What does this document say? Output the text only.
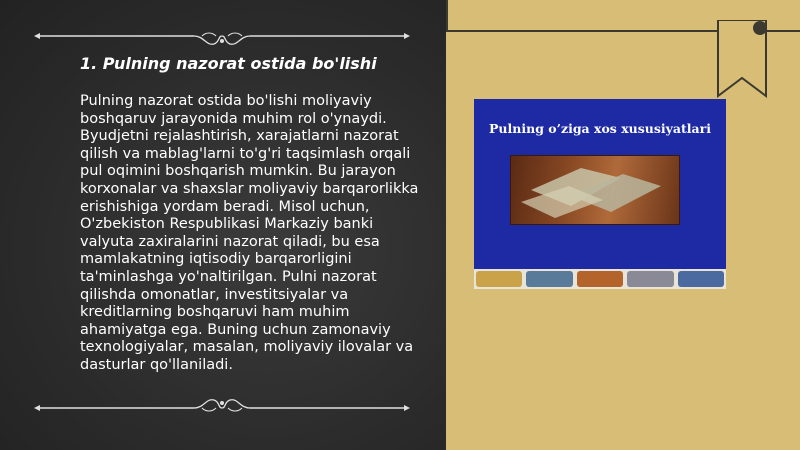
1. Pulning nazorat ostida bo'lishi

Pulning nazorat ostida bo'lishi moliyaviy boshqaruv jarayonida muhim rol o'ynaydi. Byudjetni rejalashtirish, xarajatlarni nazorat qilish va mablag'larni to'g'ri taqsimlash orqali pul oqimini boshqarish mumkin. Bu jarayon korxonalar va shaxslar moliyaviy barqarorlikka erishishiga yordam beradi. Misol uchun, O'zbekiston Respublikasi Markaziy banki valyuta zaxiralarini nazorat qiladi, bu esa mamlakatning iqtisodiy barqarorligini ta'minlashga yo'naltirilgan. Pulni nazorat qilishda omonatlar, investitsiyalar va kreditlarning boshqaruvi ham muhim ahamiyatga ega. Buning uchun zamonaviy texnologiyalar, masalan, moliyaviy ilovalar va dasturlar qo'llaniladi.

Pulning o’ziga xos xususiyatlari
